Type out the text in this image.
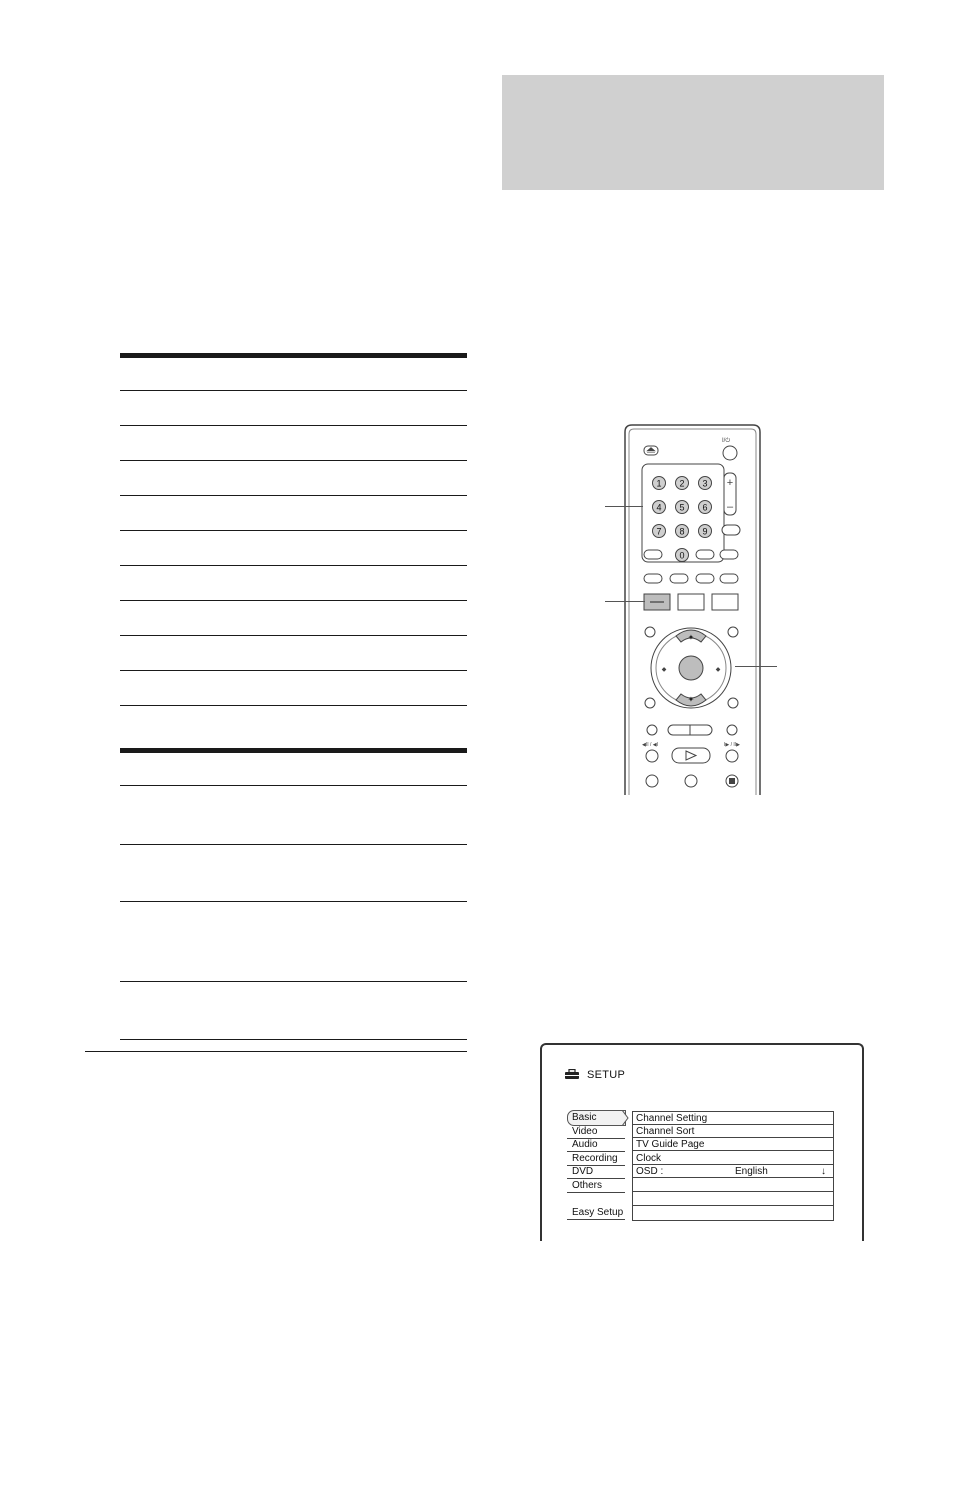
I/⏻
1 2 3
4 5 6
7 8 9
0
+
–
✦
✦
◆	◆
◀II / ◀I	I▶ / II▶
SETUP
Basic
Video
Audio
Recording
DVD
Others
Easy Setup
Channel Setting
Channel Sort
TV Guide Page
Clock
OSD :	English	↓
